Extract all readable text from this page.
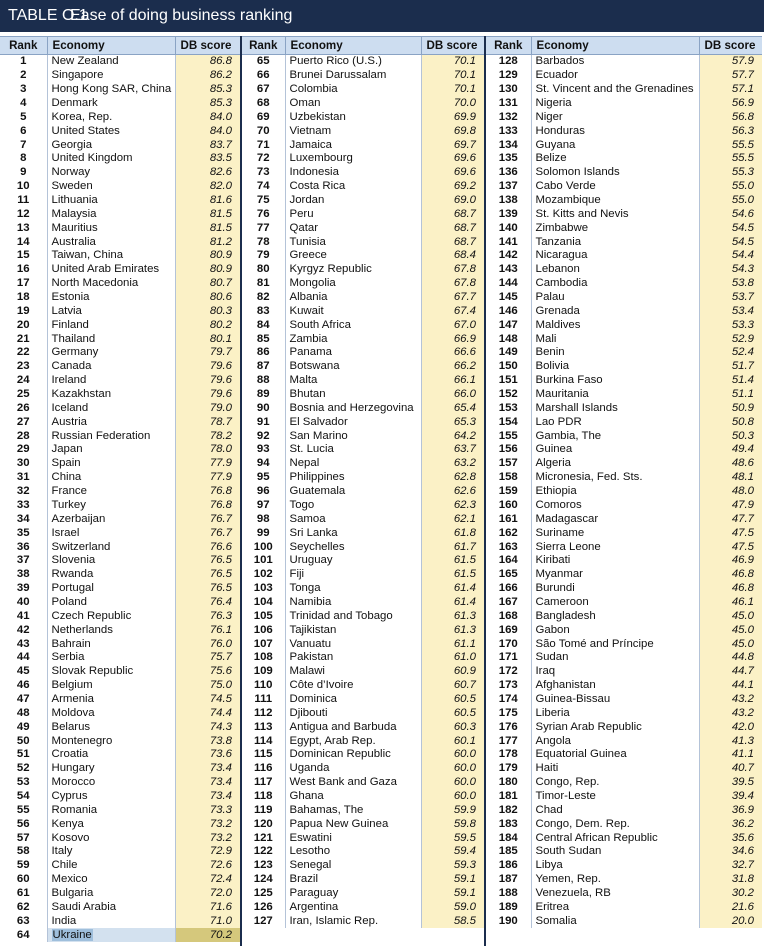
TABLE O.1
Ease of doing business ranking
Rank	Economy	DB score
1	New Zealand	86.8
2	Singapore	86.2
3	Hong Kong SAR, China	85.3
4	Denmark	85.3
5	Korea, Rep.	84.0
6	United States	84.0
7	Georgia	83.7
8	United Kingdom	83.5
9	Norway	82.6
10	Sweden	82.0
11	Lithuania	81.6
12	Malaysia	81.5
13	Mauritius	81.5
14	Australia	81.2
15	Taiwan, China	80.9
16	United Arab Emirates	80.9
17	North Macedonia	80.7
18	Estonia	80.6
19	Latvia	80.3
20	Finland	80.2
21	Thailand	80.1
22	Germany	79.7
23	Canada	79.6
24	Ireland	79.6
25	Kazakhstan	79.6
26	Iceland	79.0
27	Austria	78.7
28	Russian Federation	78.2
29	Japan	78.0
30	Spain	77.9
31	China	77.9
32	France	76.8
33	Turkey	76.8
34	Azerbaijan	76.7
35	Israel	76.7
36	Switzerland	76.6
37	Slovenia	76.5
38	Rwanda	76.5
39	Portugal	76.5
40	Poland	76.4
41	Czech Republic	76.3
42	Netherlands	76.1
43	Bahrain	76.0
44	Serbia	75.7
45	Slovak Republic	75.6
46	Belgium	75.0
47	Armenia	74.5
48	Moldova	74.4
49	Belarus	74.3
50	Montenegro	73.8
51	Croatia	73.6
52	Hungary	73.4
53	Morocco	73.4
54	Cyprus	73.4
55	Romania	73.3
56	Kenya	73.2
57	Kosovo	73.2
58	Italy	72.9
59	Chile	72.6
60	Mexico	72.4
61	Bulgaria	72.0
62	Saudi Arabia	71.6
63	India	71.0
64	Ukraine	70.2
Rank	Economy	DB score
65	Puerto Rico (U.S.)	70.1
66	Brunei Darussalam	70.1
67	Colombia	70.1
68	Oman	70.0
69	Uzbekistan	69.9
70	Vietnam	69.8
71	Jamaica	69.7
72	Luxembourg	69.6
73	Indonesia	69.6
74	Costa Rica	69.2
75	Jordan	69.0
76	Peru	68.7
77	Qatar	68.7
78	Tunisia	68.7
79	Greece	68.4
80	Kyrgyz Republic	67.8
81	Mongolia	67.8
82	Albania	67.7
83	Kuwait	67.4
84	South Africa	67.0
85	Zambia	66.9
86	Panama	66.6
87	Botswana	66.2
88	Malta	66.1
89	Bhutan	66.0
90	Bosnia and Herzegovina	65.4
91	El Salvador	65.3
92	San Marino	64.2
93	St. Lucia	63.7
94	Nepal	63.2
95	Philippines	62.8
96	Guatemala	62.6
97	Togo	62.3
98	Samoa	62.1
99	Sri Lanka	61.8
100	Seychelles	61.7
101	Uruguay	61.5
102	Fiji	61.5
103	Tonga	61.4
104	Namibia	61.4
105	Trinidad and Tobago	61.3
106	Tajikistan	61.3
107	Vanuatu	61.1
108	Pakistan	61.0
109	Malawi	60.9
110	Côte d’Ivoire	60.7
111	Dominica	60.5
112	Djibouti	60.5
113	Antigua and Barbuda	60.3
114	Egypt, Arab Rep.	60.1
115	Dominican Republic	60.0
116	Uganda	60.0
117	West Bank and Gaza	60.0
118	Ghana	60.0
119	Bahamas, The	59.9
120	Papua New Guinea	59.8
121	Eswatini	59.5
122	Lesotho	59.4
123	Senegal	59.3
124	Brazil	59.1
125	Paraguay	59.1
126	Argentina	59.0
127	Iran, Islamic Rep.	58.5
Rank	Economy	DB score
128	Barbados	57.9
129	Ecuador	57.7
130	St. Vincent and the Grenadines	57.1
131	Nigeria	56.9
132	Niger	56.8
133	Honduras	56.3
134	Guyana	55.5
135	Belize	55.5
136	Solomon Islands	55.3
137	Cabo Verde	55.0
138	Mozambique	55.0
139	St. Kitts and Nevis	54.6
140	Zimbabwe	54.5
141	Tanzania	54.5
142	Nicaragua	54.4
143	Lebanon	54.3
144	Cambodia	53.8
145	Palau	53.7
146	Grenada	53.4
147	Maldives	53.3
148	Mali	52.9
149	Benin	52.4
150	Bolivia	51.7
151	Burkina Faso	51.4
152	Mauritania	51.1
153	Marshall Islands	50.9
154	Lao PDR	50.8
155	Gambia, The	50.3
156	Guinea	49.4
157	Algeria	48.6
158	Micronesia, Fed. Sts.	48.1
159	Ethiopia	48.0
160	Comoros	47.9
161	Madagascar	47.7
162	Suriname	47.5
163	Sierra Leone	47.5
164	Kiribati	46.9
165	Myanmar	46.8
166	Burundi	46.8
167	Cameroon	46.1
168	Bangladesh	45.0
169	Gabon	45.0
170	São Tomé and Príncipe	45.0
171	Sudan	44.8
172	Iraq	44.7
173	Afghanistan	44.1
174	Guinea-Bissau	43.2
175	Liberia	43.2
176	Syrian Arab Republic	42.0
177	Angola	41.3
178	Equatorial Guinea	41.1
179	Haiti	40.7
180	Congo, Rep.	39.5
181	Timor-Leste	39.4
182	Chad	36.9
183	Congo, Dem. Rep.	36.2
184	Central African Republic	35.6
185	South Sudan	34.6
186	Libya	32.7
187	Yemen, Rep.	31.8
188	Venezuela, RB	30.2
189	Eritrea	21.6
190	Somalia	20.0
